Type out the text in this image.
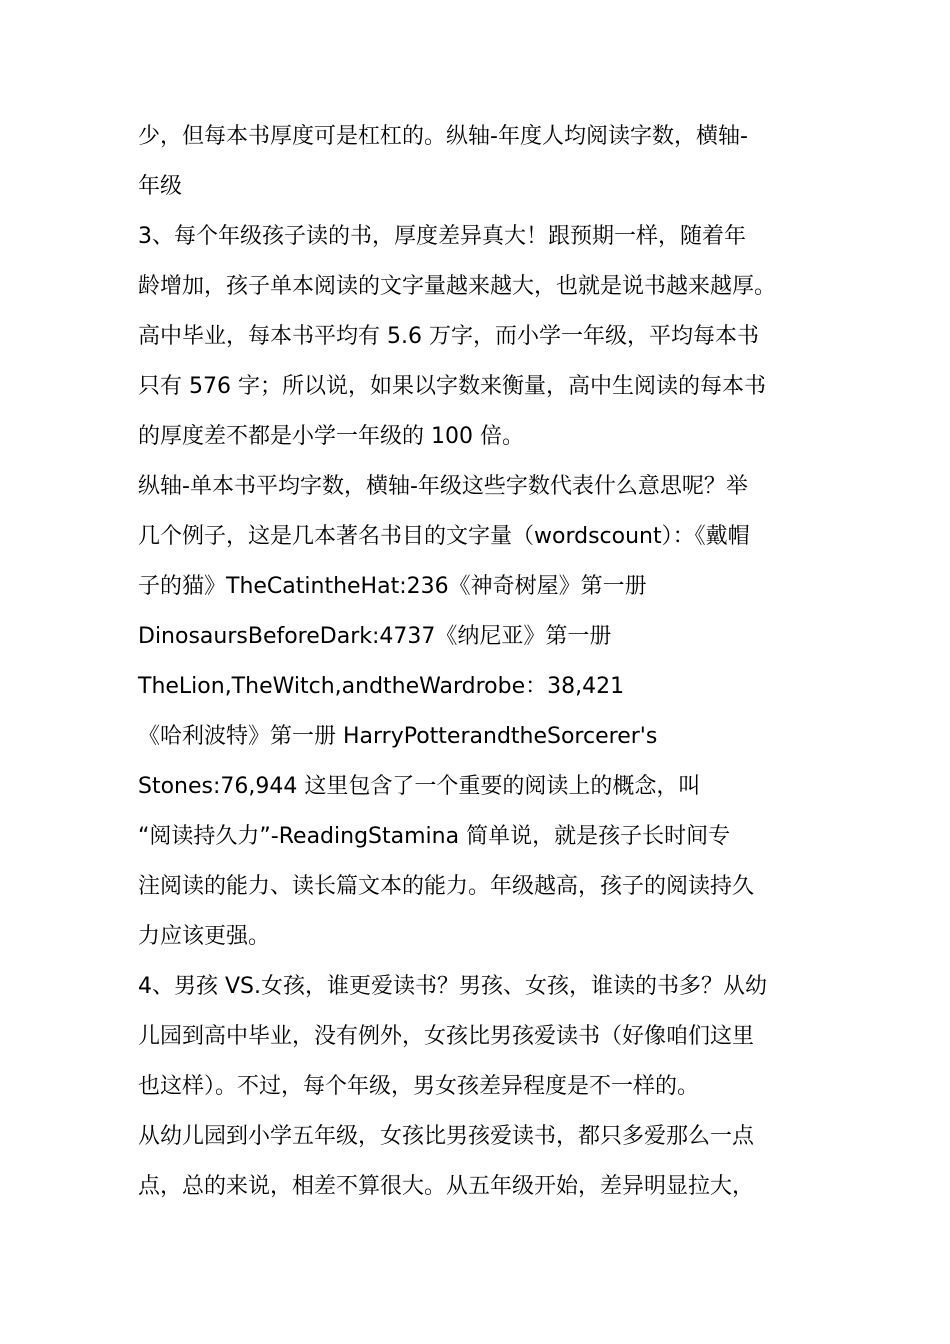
少，但每本书厚度可是杠杠的。纵轴-年度人均阅读字数，横轴-
年级
3、每个年级孩子读的书，厚度差异真大！跟预期一样，随着年
龄增加，孩子单本阅读的文字量越来越大，也就是说书越来越厚。
高中毕业，每本书平均有 5.6 万字，而小学一年级，平均每本书
只有 576 字；所以说，如果以字数来衡量，高中生阅读的每本书
的厚度差不都是小学一年级的 100 倍。
纵轴-单本书平均字数，横轴-年级这些字数代表什么意思呢？举
几个例子，这是几本著名书目的文字量（wordscount）：《戴帽
子的猫》TheCatintheHat:236《神奇树屋》第一册
DinosaursBeforeDark:4737《纳尼亚》第一册
TheLion,TheWitch,andtheWardrobe：38,421
《哈利波特》第一册 HarryPotterandtheSorcerer's
Stones:76,944 这里包含了一个重要的阅读上的概念，叫
“阅读持久力”-ReadingStamina 简单说，就是孩子长时间专
注阅读的能力、读长篇文本的能力。年级越高，孩子的阅读持久
力应该更强。
4、男孩 VS.女孩，谁更爱读书？男孩、女孩，谁读的书多？从幼
儿园到高中毕业，没有例外，女孩比男孩爱读书（好像咱们这里
也这样）。不过，每个年级，男女孩差异程度是不一样的。
从幼儿园到小学五年级，女孩比男孩爱读书，都只多爱那么一点
点，总的来说，相差不算很大。从五年级开始，差异明显拉大，
